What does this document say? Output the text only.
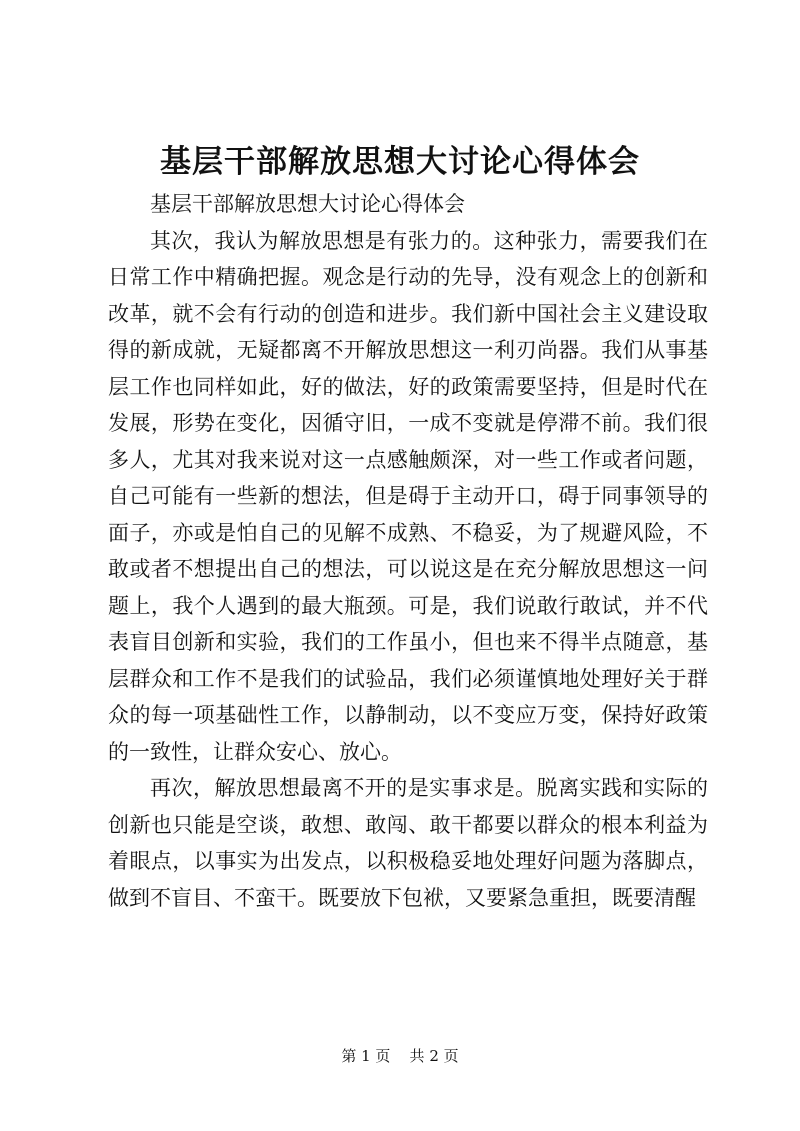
基层干部解放思想大讨论心得体会

基层干部解放思想大讨论心得体会

其次，我认为解放思想是有张力的。这种张力，需要我们在日常工作中精确把握。观念是行动的先导，没有观念上的创新和改革，就不会有行动的创造和进步。我们新中国社会主义建设取得的新成就，无疑都离不开解放思想这一利刃尚器。我们从事基层工作也同样如此，好的做法，好的政策需要坚持，但是时代在发展，形势在变化，因循守旧，一成不变就是停滞不前。我们很多人，尤其对我来说对这一点感触颇深，对一些工作或者问题，自己可能有一些新的想法，但是碍于主动开口，碍于同事领导的面子，亦或是怕自己的见解不成熟、不稳妥，为了规避风险，不敢或者不想提出自己的想法，可以说这是在充分解放思想这一问题上，我个人遇到的最大瓶颈。可是，我们说敢行敢试，并不代表盲目创新和实验，我们的工作虽小，但也来不得半点随意，基层群众和工作不是我们的试验品，我们必须谨慎地处理好关于群众的每一项基础性工作，以静制动，以不变应万变，保持好政策的一致性，让群众安心、放心。

再次，解放思想最离不开的是实事求是。脱离实践和实际的创新也只能是空谈，敢想、敢闯、敢干都要以群众的根本利益为着眼点，以事实为出发点，以积极稳妥地处理好问题为落脚点，做到不盲目、不蛮干。既要放下包袱，又要紧急重担，既要清醒

第 1 页 共 2 页
